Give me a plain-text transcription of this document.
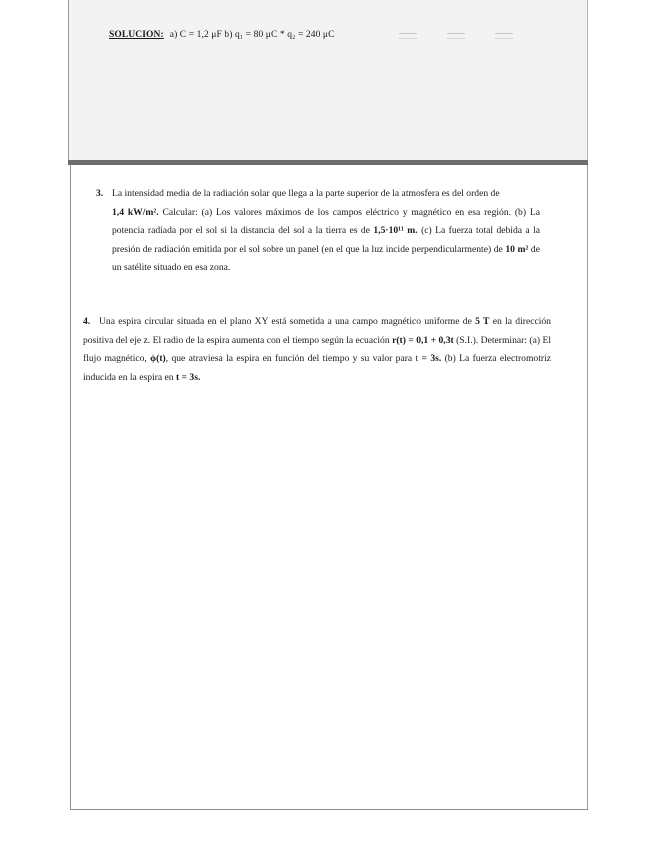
SOLUCION: a) C = 1,2 μF b) q₁ = 80 μC * q₂ = 240 μC
3. La intensidad media de la radiación solar que llega a la parte superior de la atmosfera es del orden de
1,4 kW/m². Calcular: (a) Los valores máximos de los campos eléctrico y magnético en esa región. (b) La potencia radiada por el sol si la distancia del sol a la tierra es de 1,5·10¹¹ m. (c) La fuerza total debida a la presión de radiación emitida por el sol sobre un panel (en el que la luz incide perpendicularmente) de 10 m² de un satélite situado en esa zona.
4. Una espira circular situada en el plano XY está sometida a una campo magnético uniforme de 5 T en la dirección positiva del eje z. El radio de la espira aumenta con el tiempo según la ecuación r(t) = 0,1 + 0,3t (S.I.). Determinar: (a) El flujo magnético, ϕ(t), que atraviesa la espira en función del tiempo y su valor para t = 3s. (b) La fuerza electromotriz inducida en la espira en t = 3s.
